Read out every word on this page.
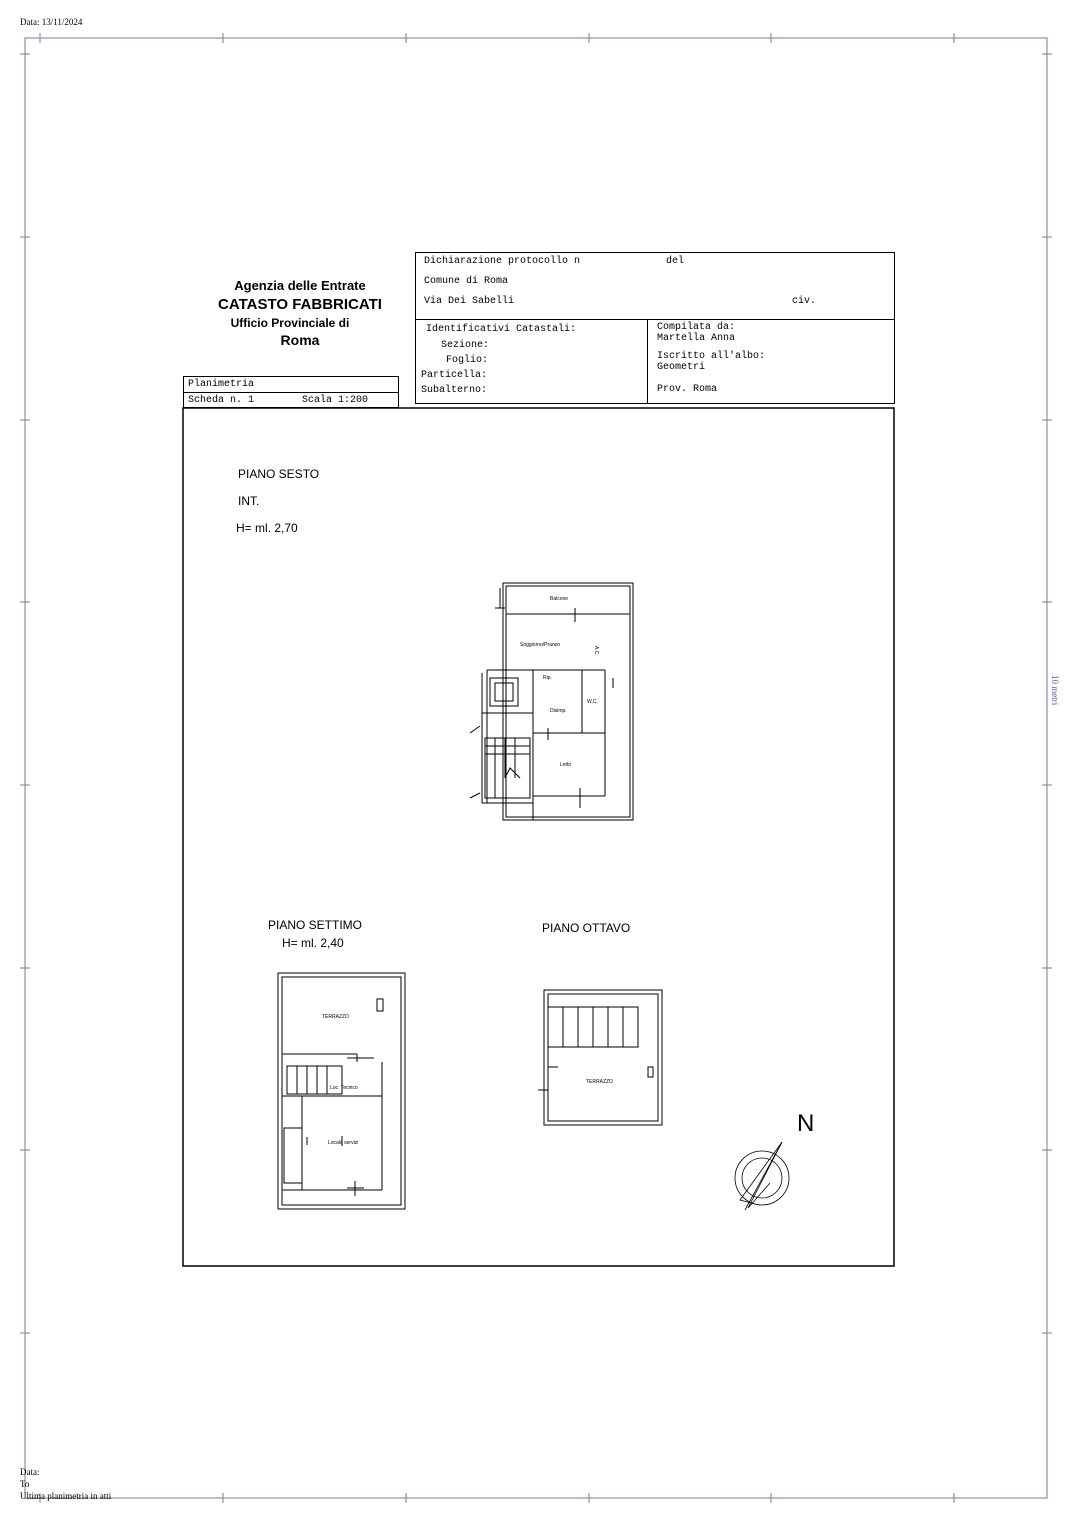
Data: 13/11/2024
10 metri
Agenzia delle Entrate
CATASTO FABBRICATI
Ufficio Provinciale di
Roma
Planimetria
Scheda n. 1	Scala 1:200
Dichiarazione protocollo n	del
Comune di Roma
Via Dei Sabelli	civ.
Identificativi Catastali:
Sezione:
Foglio:
Particella:
Subalterno:
Compilata da:
Martella Anna
Iscritto all'albo:
Geometri
Prov. Roma
PIANO SESTO
INT.
H= ml. 2,70
Balcone
Soggiorno/Pranzo
A.C.
Rip.
Disimp.
W.C.
Letto
PIANO SETTIMO
H= ml. 2,40
TERRAZZO
Loc. Tecnico
Locale servizi
PIANO OTTAVO
TERRAZZO
N
Data:
To
Ultima planimetria in atti
